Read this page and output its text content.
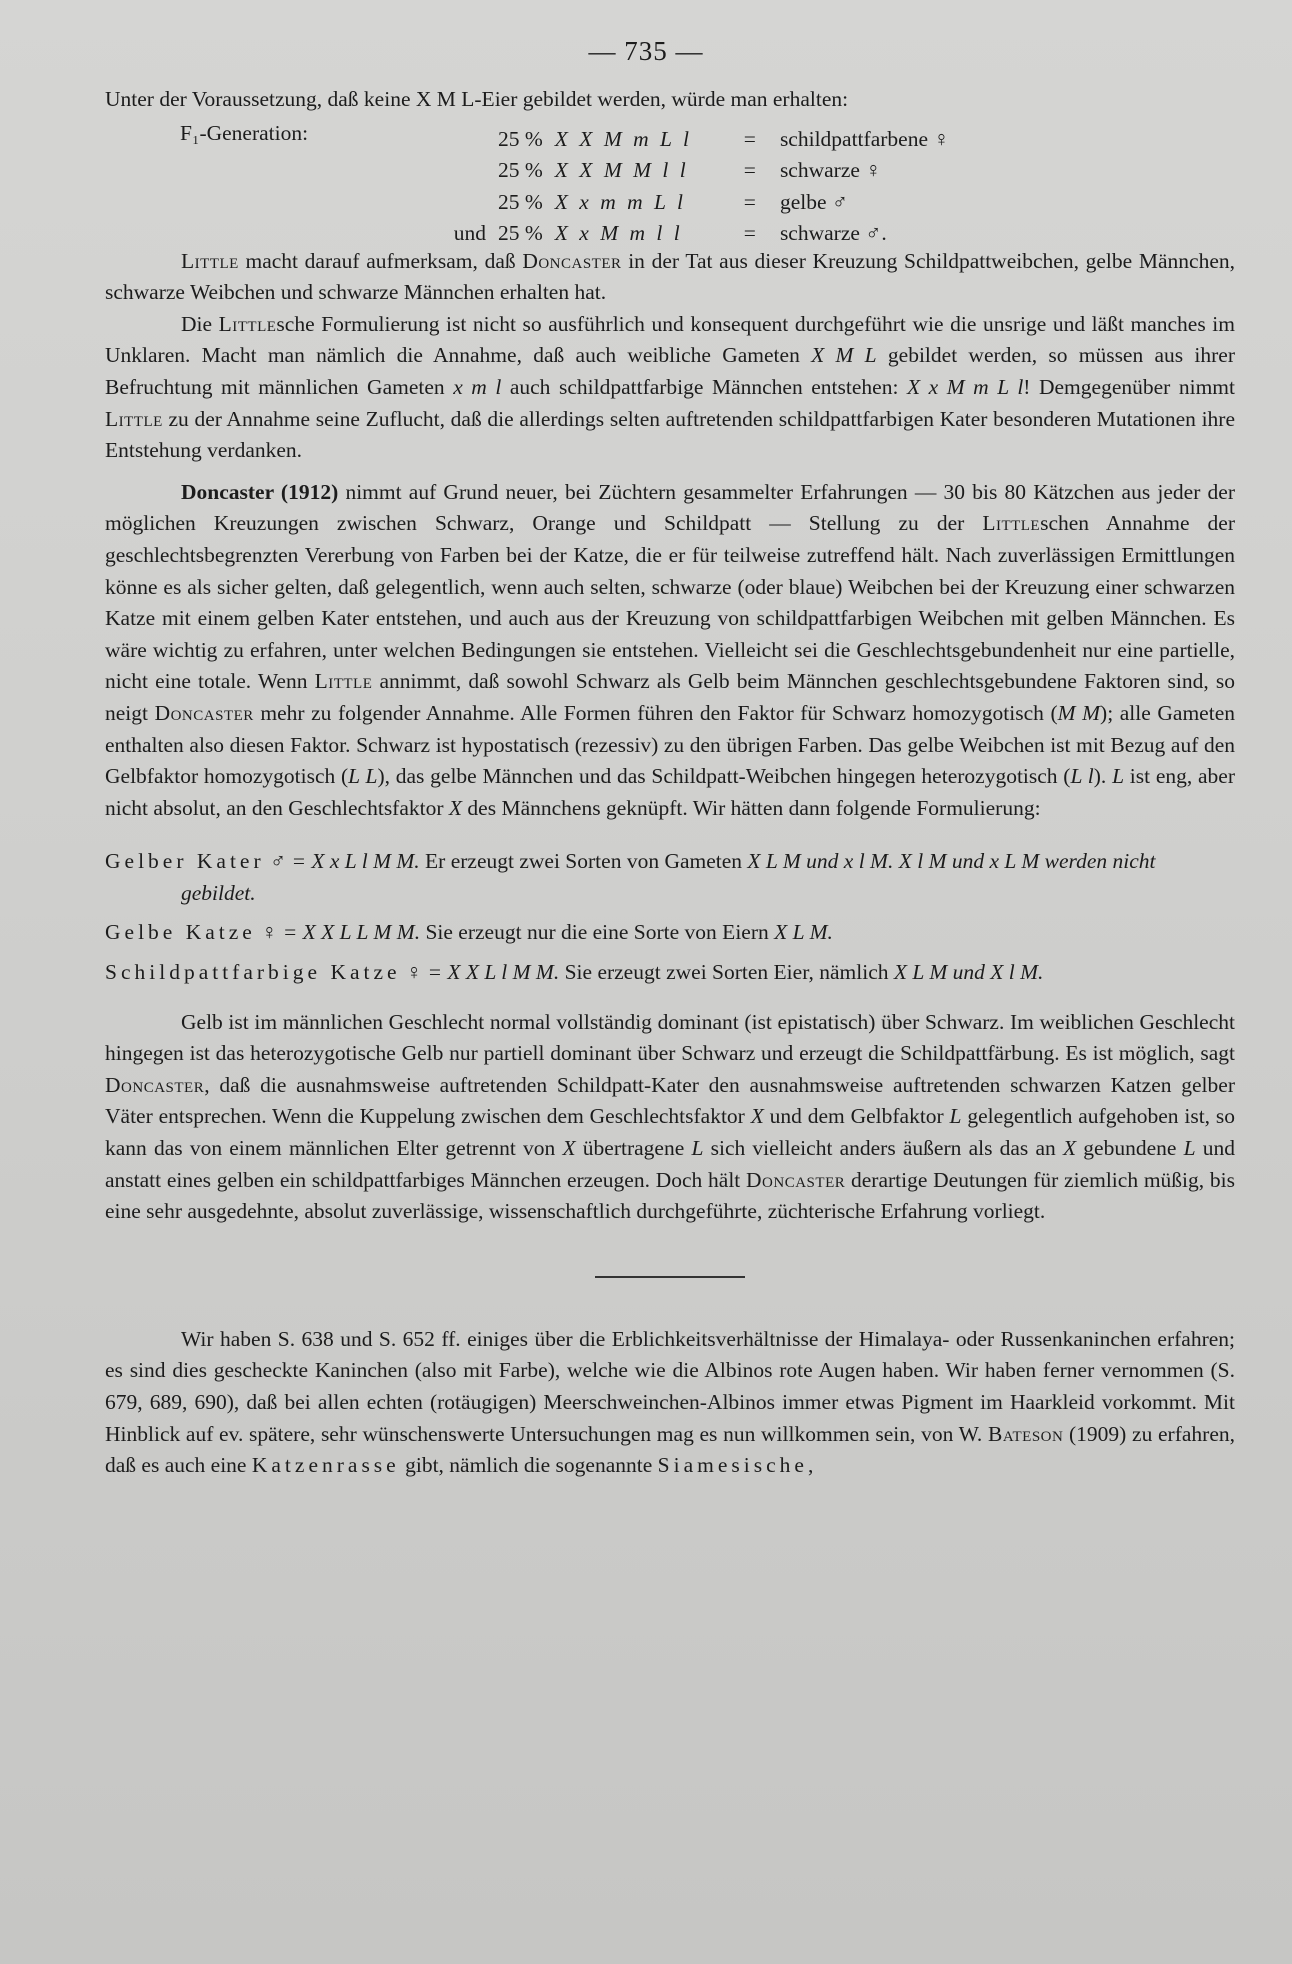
— 735 —

Unter der Voraussetzung, daß keine X M L-Eier gebildet werden, würde man erhalten:

F₁-Generation:
		25 %	X X M m L l	=	schildpattfarbene ♀
	25 %	X X M M l l	=	schwarze ♀
	25 %	X x m m L l	=	gelbe ♂
und	25 %	X x M m l l	=	schwarze ♂.

Little macht darauf aufmerksam, daß Doncaster in der Tat aus dieser Kreuzung Schildpattweibchen, gelbe Männchen, schwarze Weibchen und schwarze Männchen erhalten hat.

Die Littlesche Formulierung ist nicht so ausführlich und konsequent durchgeführt wie die unsrige und läßt manches im Unklaren. Macht man nämlich die Annahme, daß auch weibliche Gameten X M L gebildet werden, so müssen aus ihrer Befruchtung mit männlichen Gameten x m l auch schildpattfarbige Männchen entstehen: X x M m L l! Demgegenüber nimmt Little zu der Annahme seine Zuflucht, daß die allerdings selten auftretenden schildpattfarbigen Kater besonderen Mutationen ihre Entstehung verdanken.

Doncaster (1912) nimmt auf Grund neuer, bei Züchtern gesammelter Erfahrungen — 30 bis 80 Kätzchen aus jeder der möglichen Kreuzungen zwischen Schwarz, Orange und Schildpatt — Stellung zu der Littleschen Annahme der geschlechtsbegrenzten Vererbung von Farben bei der Katze, die er für teilweise zutreffend hält. Nach zuverlässigen Ermittlungen könne es als sicher gelten, daß gelegentlich, wenn auch selten, schwarze (oder blaue) Weibchen bei der Kreuzung einer schwarzen Katze mit einem gelben Kater entstehen, und auch aus der Kreuzung von schildpattfarbigen Weibchen mit gelben Männchen. Es wäre wichtig zu erfahren, unter welchen Bedingungen sie entstehen. Vielleicht sei die Geschlechtsgebundenheit nur eine partielle, nicht eine totale. Wenn Little annimmt, daß sowohl Schwarz als Gelb beim Männchen geschlechtsgebundene Faktoren sind, so neigt Doncaster mehr zu folgender Annahme. Alle Formen führen den Faktor für Schwarz homozygotisch (M M); alle Gameten enthalten also diesen Faktor. Schwarz ist hypostatisch (rezessiv) zu den übrigen Farben. Das gelbe Weibchen ist mit Bezug auf den Gelbfaktor homozygotisch (L L), das gelbe Männchen und das Schildpatt-Weibchen hingegen heterozygotisch (L l). L ist eng, aber nicht absolut, an den Geschlechtsfaktor X des Männchens geknüpft. Wir hätten dann folgende Formulierung:

Gelber Kater ♂ = X x L l M M. Er erzeugt zwei Sorten von Gameten X L M und x l M. X l M und x L M werden nicht gebildet.

Gelbe Katze ♀ = X X L L M M. Sie erzeugt nur die eine Sorte von Eiern X L M.

Schildpattfarbige Katze ♀ = X X L l M M. Sie erzeugt zwei Sorten Eier, nämlich X L M und X l M.

Gelb ist im männlichen Geschlecht normal vollständig dominant (ist epistatisch) über Schwarz. Im weiblichen Geschlecht hingegen ist das heterozygotische Gelb nur partiell dominant über Schwarz und erzeugt die Schildpattfärbung. Es ist möglich, sagt Doncaster, daß die ausnahmsweise auftretenden Schildpatt-Kater den ausnahmsweise auftretenden schwarzen Katzen gelber Väter entsprechen. Wenn die Kuppelung zwischen dem Geschlechtsfaktor X und dem Gelbfaktor L gelegentlich aufgehoben ist, so kann das von einem männlichen Elter getrennt von X übertragene L sich vielleicht anders äußern als das an X gebundene L und anstatt eines gelben ein schildpattfarbiges Männchen erzeugen. Doch hält Doncaster derartige Deutungen für ziemlich müßig, bis eine sehr ausgedehnte, absolut zuverlässige, wissenschaftlich durchgeführte, züchterische Erfahrung vorliegt.

Wir haben S. 638 und S. 652 ff. einiges über die Erblichkeitsverhältnisse der Himalaya- oder Russenkaninchen erfahren; es sind dies gescheckte Kaninchen (also mit Farbe), welche wie die Albinos rote Augen haben. Wir haben ferner vernommen (S. 679, 689, 690), daß bei allen echten (rotäugigen) Meerschweinchen-Albinos immer etwas Pigment im Haarkleid vorkommt. Mit Hinblick auf ev. spätere, sehr wünschenswerte Untersuchungen mag es nun willkommen sein, von W. Bateson (1909) zu erfahren, daß es auch eine Katzenrasse gibt, nämlich die sogenannte Siamesische,
